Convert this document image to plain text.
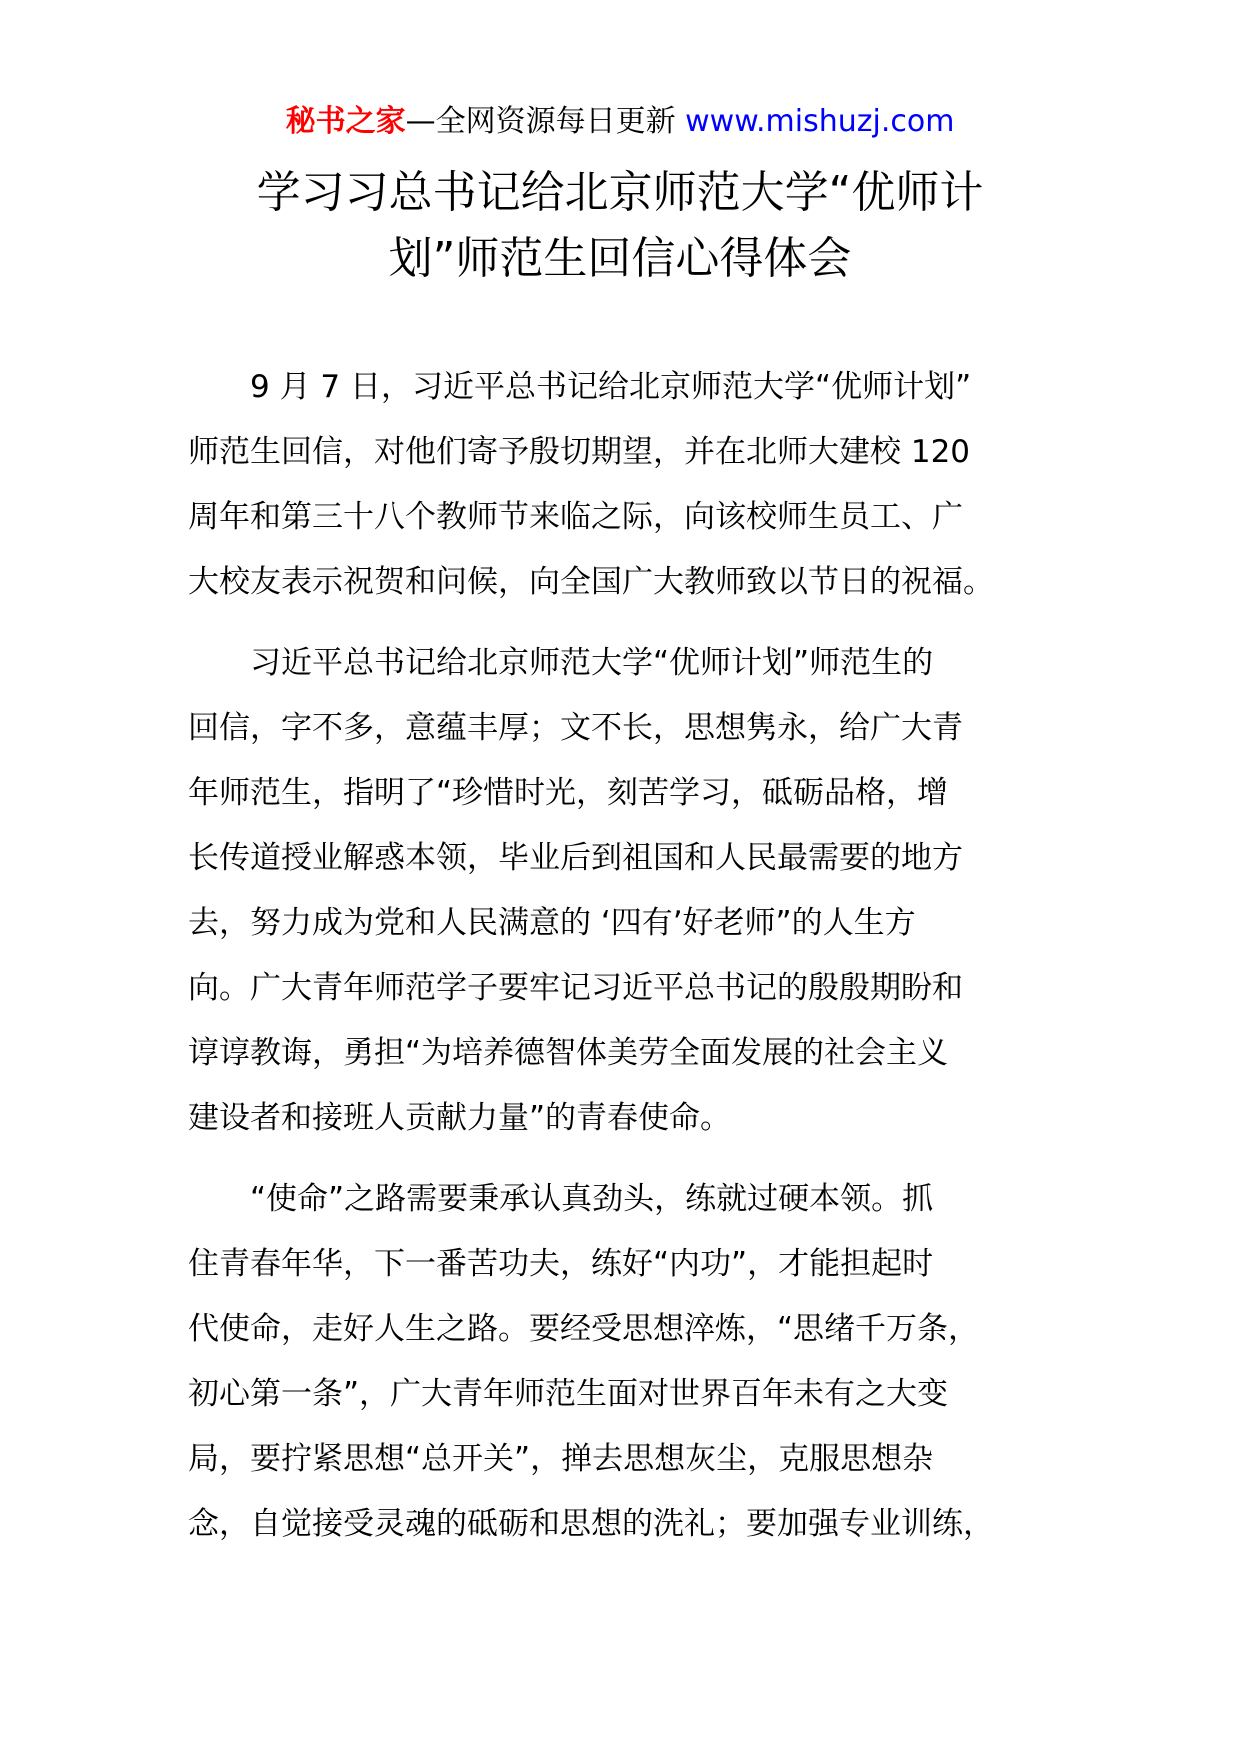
秘书之家—全网资源每日更新 www.mishuzj.com
学习习总书记给北京师范大学“优师计
划”师范生回信心得体会
　　9 月 7 日，习近平总书记给北京师范大学“优师计划”
师范生回信，对他们寄予殷切期望，并在北师大建校 120
周年和第三十八个教师节来临之际，向该校师生员工、广
大校友表示祝贺和问候，向全国广大教师致以节日的祝福。
　　习近平总书记给北京师范大学“优师计划”师范生的
回信，字不多，意蕴丰厚；文不长，思想隽永，给广大青
年师范生，指明了“珍惜时光，刻苦学习，砥砺品格，增
长传道授业解惑本领，毕业后到祖国和人民最需要的地方
去，努力成为党和人民满意的 ‘四有’好老师”的人生方
向。广大青年师范学子要牢记习近平总书记的殷殷期盼和
谆谆教诲，勇担“为培养德智体美劳全面发展的社会主义
建设者和接班人贡献力量”的青春使命。
　　“使命”之路需要秉承认真劲头，练就过硬本领。抓
住青春年华，下一番苦功夫，练好“内功”，才能担起时
代使命，走好人生之路。要经受思想淬炼，“思绪千万条，
初心第一条”，广大青年师范生面对世界百年未有之大变
局，要拧紧思想“总开关”，掸去思想灰尘，克服思想杂
念，自觉接受灵魂的砥砺和思想的洗礼；要加强专业训练，
